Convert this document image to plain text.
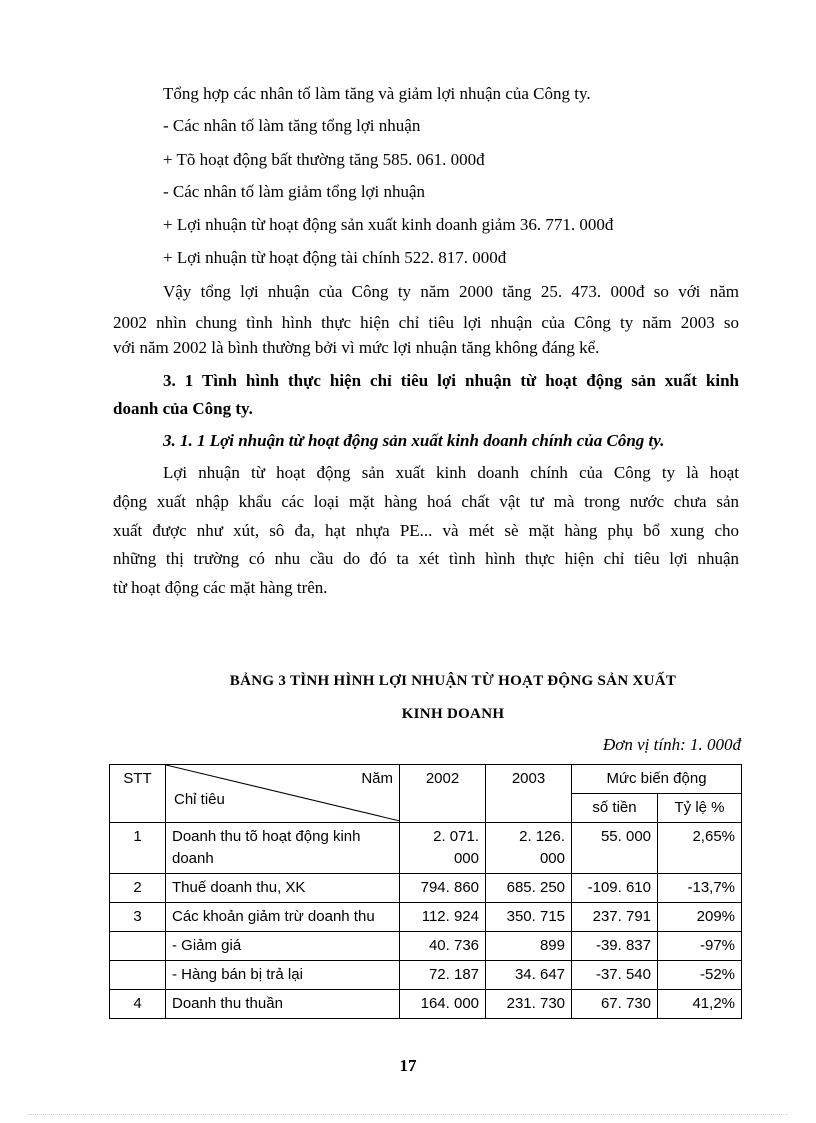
Tổng hợp các nhân tố làm tăng và giảm lợi nhuận của Công ty.
- Các nhân tố làm tăng tổng lợi nhuận
+ Tõ hoạt động bất thường tăng 585. 061. 000đ
- Các nhân tố làm giảm tổng lợi nhuận
+ Lợi nhuận từ hoạt động sản xuất kinh doanh giảm 36. 771. 000đ
+ Lợi nhuận từ hoạt động tài chính 522. 817. 000đ
Vậy tổng lợi nhuận của Công ty năm 2000 tăng 25. 473. 000đ so với năm
2002 nhìn chung tình hình thực hiện chỉ tiêu lợi nhuận của Công ty năm 2003 so
với năm 2002 là bình thường bởi vì mức lợi nhuận tăng không đáng kể.
3. 1 Tình hình thực hiện chỉ tiêu lợi nhuận từ hoạt động sản xuất kinh
doanh của Công ty.
3. 1. 1 Lợi nhuận từ hoạt động sản xuất kinh doanh chính của Công ty.
Lợi nhuận từ hoạt động sản xuất kinh doanh chính của Công ty là hoạt
động xuất nhập khẩu các loại mặt hàng hoá chất vật tư mà trong nước chưa sản
xuất được như xút, sô đa, hạt nhựa PE... và mét sè mặt hàng phụ bổ xung cho
những thị trường có nhu cầu do đó ta xét tình hình thực hiện chỉ tiêu lợi nhuận
từ hoạt động các mặt hàng trên.
BẢNG 3 TÌNH HÌNH LỢI NHUẬN TỪ HOẠT ĐỘNG SẢN XUẤT
KINH DOANH
Đơn vị tính: 1. 000đ
STT	Năm
Chỉ tiêu	2002	2003	Mức biến động	
				số tiền	Tỷ lệ %
1	Doanh thu tõ hoạt động kinh doanh	2. 071. 000	2. 126. 000	55. 000	2,65%
2	Thuế doanh thu, XK	794. 860	685. 250	-109. 610	-13,7%
3	Các khoản giảm trừ doanh thu	112. 924	350. 715	237. 791	209%
	- Giảm giá	40. 736	899	-39. 837	-97%
	- Hàng bán bị trả lại	72. 187	34. 647	-37. 540	-52%
4	Doanh thu thuần	164. 000	231. 730	67. 730	41,2%
17
